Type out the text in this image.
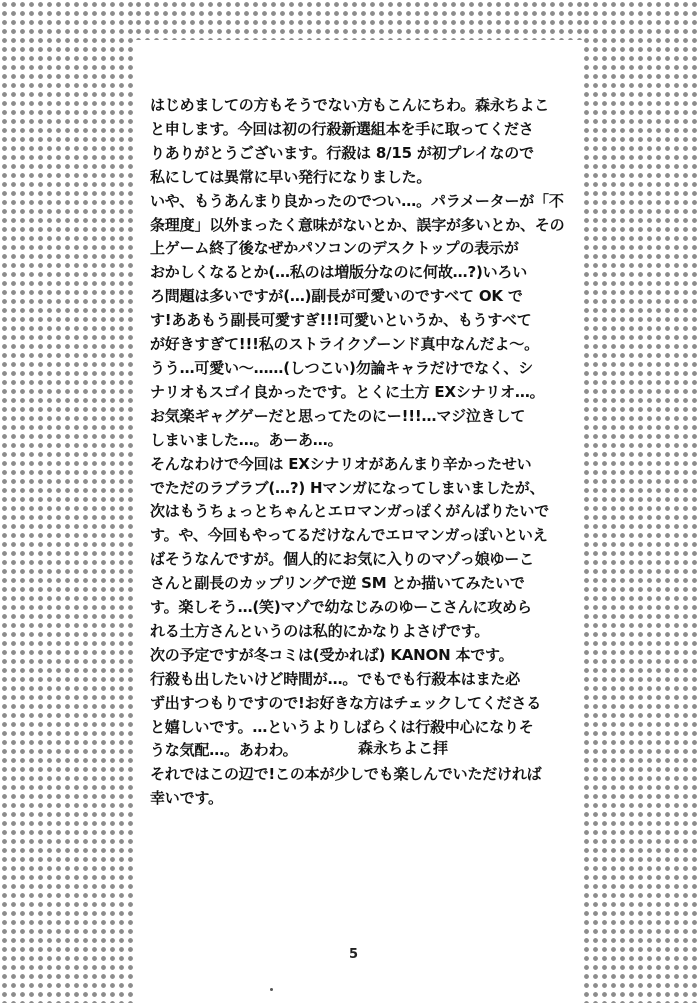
はじめましての方もそうでない方もこんにちわ。森永ちよこ
と申します。今回は初の行殺新選組本を手に取ってくださ
りありがとうございます。行殺は 8/15 が初プレイなので
私にしては異常に早い発行になりました。
いや、もうあんまり良かったのでつい…。パラメーターが「不
条理度」以外まったく意味がないとか、誤字が多いとか、その
上ゲーム終了後なぜかパソコンのデスクトップの表示が
おかしくなるとか(…私のは増版分なのに何故…?)いろい
ろ問題は多いですが(…)副長が可愛いのですべて OK で
す!ああもう副長可愛すぎ!!!可愛いというか、もうすべて
が好きすぎて!!!私のストライクゾーンド真中なんだよ～。
うう…可愛い～……(しつこい)勿論キャラだけでなく、シ
ナリオもスゴイ良かったです。とくに土方 EXシナリオ…。
お気楽ギャグゲーだと思ってたのにー!!!…マジ泣きして
しまいました…。あーあ…。
そんなわけで今回は EXシナリオがあんまり辛かったせい
でただのラブラブ(…?) Hマンガになってしまいましたが、
次はもうちょっとちゃんとエロマンガっぽくがんばりたいで
す。や、今回もやってるだけなんでエロマンガっぽいといえ
ばそうなんですが。個人的にお気に入りのマゾっ娘ゆーこ
さんと副長のカップリングで逆 SM とか描いてみたいで
す。楽しそう…(笑)マゾで幼なじみのゆーこさんに攻めら
れる土方さんというのは私的にかなりよさげです。
次の予定ですが冬コミは(受かれば) KANON 本です。
行殺も出したいけど時間が…。でもでも行殺本はまた必
ず出すつもりですので!お好きな方はチェックしてくださる
と嬉しいです。…というよりしばらくは行殺中心になりそ
うな気配…。あわわ。
それではこの辺で!この本が少しでも楽しんでいただければ
幸いです。
森永ちよこ拝
5
